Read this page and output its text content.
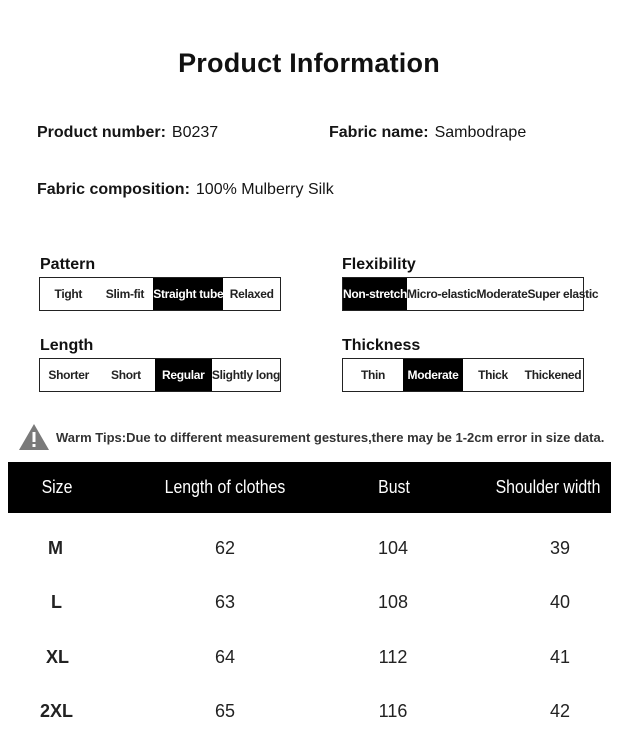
Product Information
Product number: B0237	Fabric name: Sambodrape
Fabric composition: 100% Mulberry Silk
Pattern
Tight	Slim-fit Straight tube Relaxed
Flexibility
Non-stretch Micro-elastic Moderate Super elastic
Length
Shorter	Short	Regular Slightly long
Thickness
Thin	Moderate	Thick	Thickened
Warm Tips:Due to different measurement gestures,there may be 1-2cm error in size data.
Size	Length of clothes	Bust	Shoulder width
M	62	104	39
L	63	108	40
XL	64	112	41
2XL	65	116	42
